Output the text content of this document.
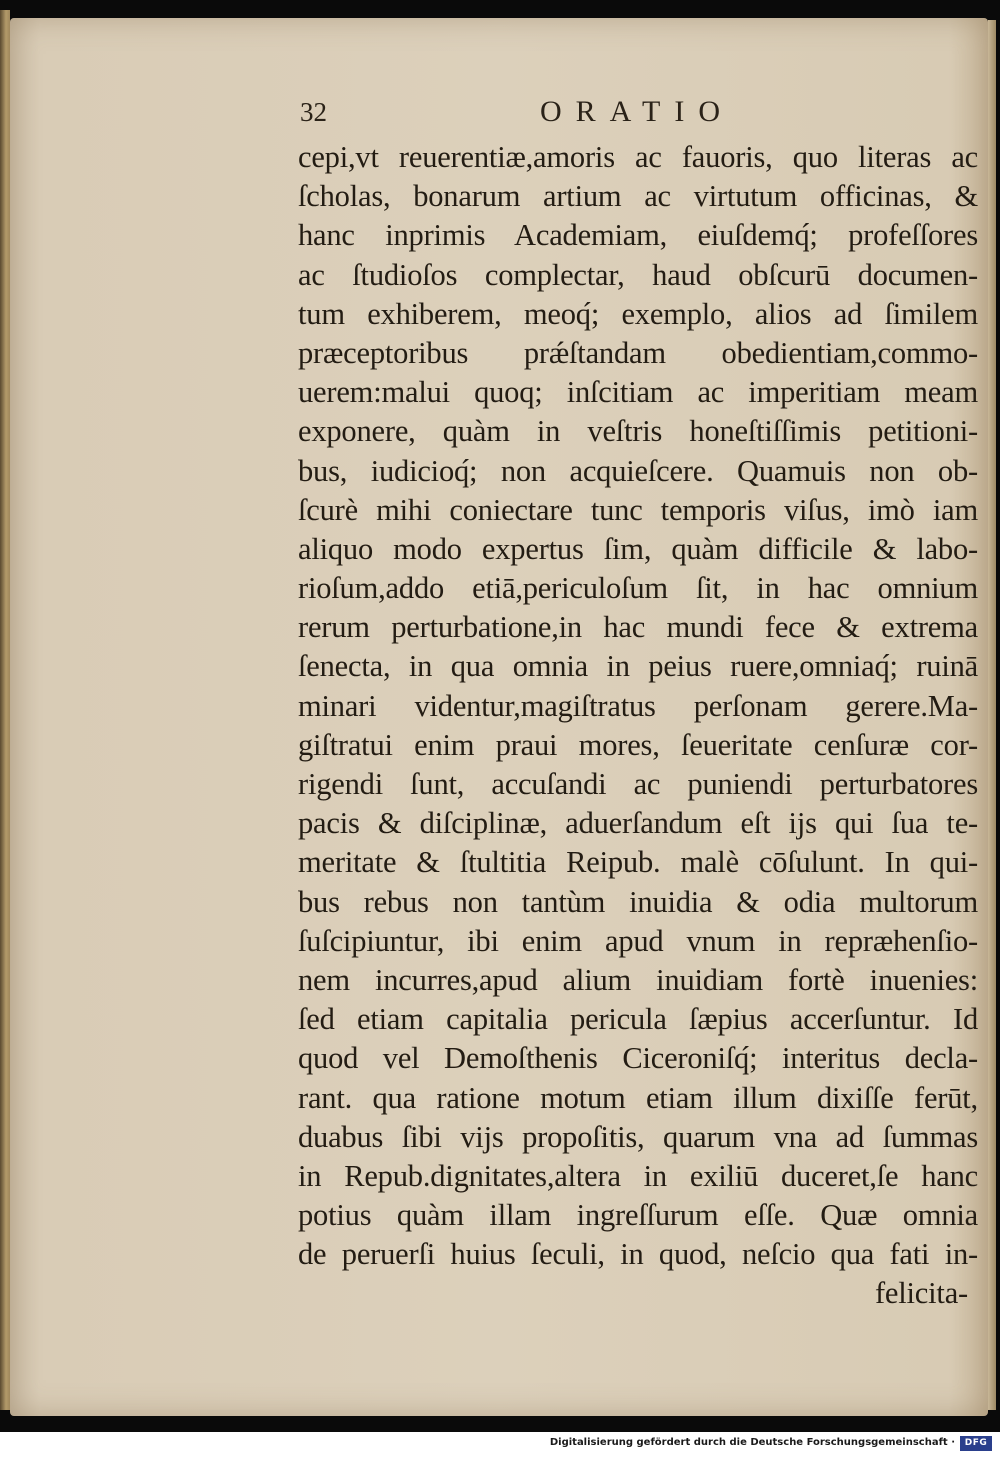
32	ORATIO
cepi,vt reuerentiæ,amoris ac fauoris, quo literas ac
ſcholas, bonarum artium ac virtutum officinas, &
hanc inprimis Academiam, eiuſdemq́; profeſſores
ac ſtudioſos complectar, haud obſcurū documen-
tum exhiberem, meoq́; exemplo, alios ad ſimilem
præceptoribus prǽſtandam obedientiam,commo-
uerem:malui quoq; inſcitiam ac imperitiam meam
exponere, quàm in veſtris honeſtiſſimis petitioni-
bus, iudicioq́; non acquieſcere. Quamuis non ob-
ſcurè mihi coniectare tunc temporis viſus, imò iam
aliquo modo expertus ſim, quàm difficile & labo-
rioſum,addo etiā,periculoſum ſit, in hac omnium
rerum perturbatione,in hac mundi fece & extrema
ſenecta, in qua omnia in peius ruere,omniaq́; ruinā
minari videntur,magiſtratus perſonam gerere.Ma-
giſtratui enim praui mores, ſeueritate cenſuræ cor-
rigendi ſunt, accuſandi ac puniendi perturbatores
pacis & diſciplinæ, aduerſandum eſt ijs qui ſua te-
meritate & ſtultitia Reipub. malè cōſulunt. In qui-
bus rebus non tantùm inuidia & odia multorum
ſuſcipiuntur, ibi enim apud vnum in repræhenſio-
nem incurres,apud alium inuidiam fortè inuenies:
ſed etiam capitalia pericula ſæpius accerſuntur. Id
quod vel Demoſthenis Ciceroniſq́; interitus decla-
rant. qua ratione motum etiam illum dixiſſe ferūt,
duabus ſibi vijs propoſitis, quarum vna ad ſummas
in Repub.dignitates,altera in exiliū duceret,ſe hanc
potius quàm illam ingreſſurum eſſe. Quæ omnia
de peruerſi huius ſeculi, in quod, neſcio qua fati in-
felicita-
Digitalisierung gefördert durch die Deutsche Forschungsgemeinschaft ·	DFG
